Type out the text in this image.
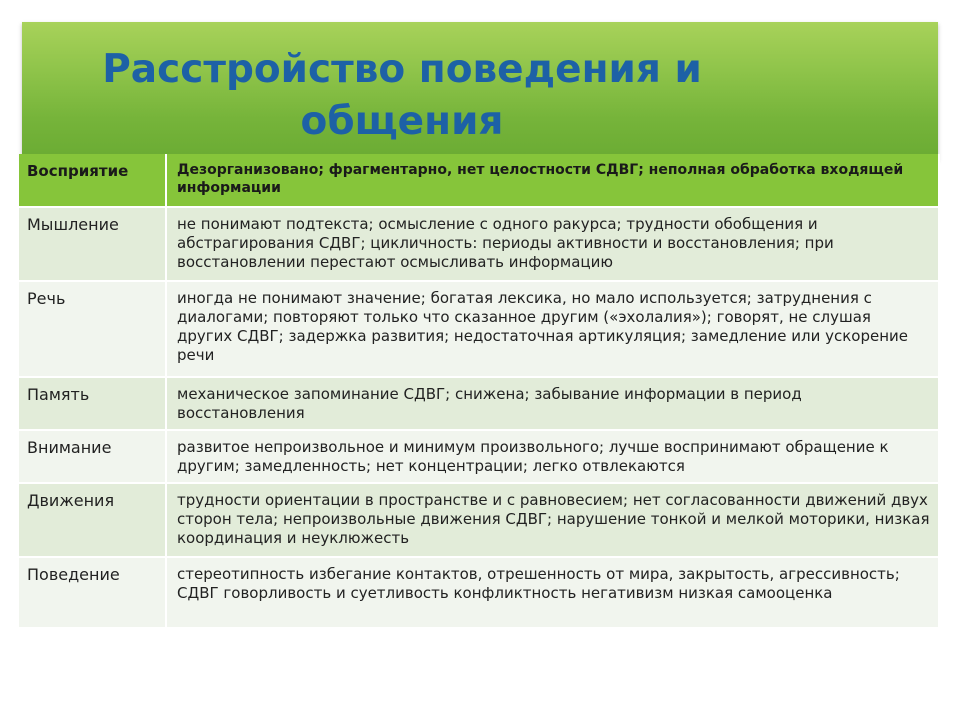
Расстройство поведения и общения
Восприятие	Дезорганизовано; фрагментарно, нет целостности СДВГ; неполная обработка входящей информации

Мышление	не понимают подтекста; осмысление с одного ракурса; трудности обобщения и абстрагирования СДВГ; цикличность: периоды активности и восстановления; при восстановлении перестают осмысливать информацию

Речь	иногда не понимают значение; богатая лексика, но мало используется; затруднения с диалогами; повторяют только что сказанное другим («эхолалия»); говорят, не слушая других СДВГ; задержка развития; недостаточная артикуляция; замедление или ускорение речи

Память	механическое запоминание СДВГ; снижена; забывание информации в период восстановления

Внимание	развитое непроизвольное и минимум произвольного; лучше воспринимают обращение к другим; замедленность; нет концентрации; легко отвлекаются

Движения	трудности ориентации в пространстве и с равновесием; нет согласованности движений двух сторон тела; непроизвольные движения СДВГ; нарушение тонкой и мелкой моторики, низкая координация и неуклюжесть

Поведение	стереотипность избегание контактов, отрешенность от мира, закрытость, агрессивность; СДВГ говорливость и суетливость конфликтность негативизм низкая самооценка
